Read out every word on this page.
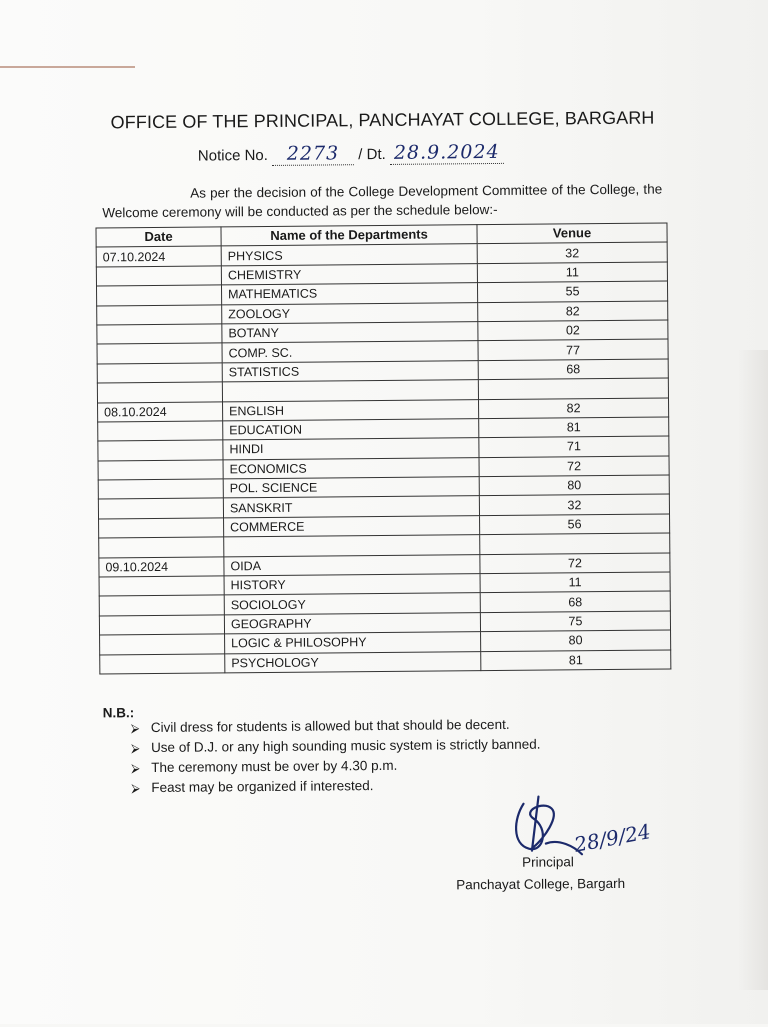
OFFICE OF THE PRINCIPAL, PANCHAYAT COLLEGE, BARGARH
Notice No. 2273 / Dt. 28.9.2024

As per the decision of the College Development Committee of the College, the Welcome ceremony will be conducted as per the schedule below:-

Date	Name of the Departments	Venue
07.10.2024	PHYSICS	32
	CHEMISTRY	11
	MATHEMATICS	55
	ZOOLOGY	82
	BOTANY	02
	COMP. SC.	77
	STATISTICS	68

08.10.2024	ENGLISH	82
	EDUCATION	81
	HINDI	71
	ECONOMICS	72
	POL. SCIENCE	80
	SANSKRIT	32
	COMMERCE	56

09.10.2024	OIDA	72
	HISTORY	11
	SOCIOLOGY	68
	GEOGRAPHY	75
	LOGIC & PHILOSOPHY	80
	PSYCHOLOGY	81
N.B.:
⮚ Civil dress for students is allowed but that should be decent.
⮚ Use of D.J. or any high sounding music system is strictly banned.
⮚ The ceremony must be over by 4.30 p.m.
⮚ Feast may be organized if interested.
28/9/24
Principal
Panchayat College, Bargarh
